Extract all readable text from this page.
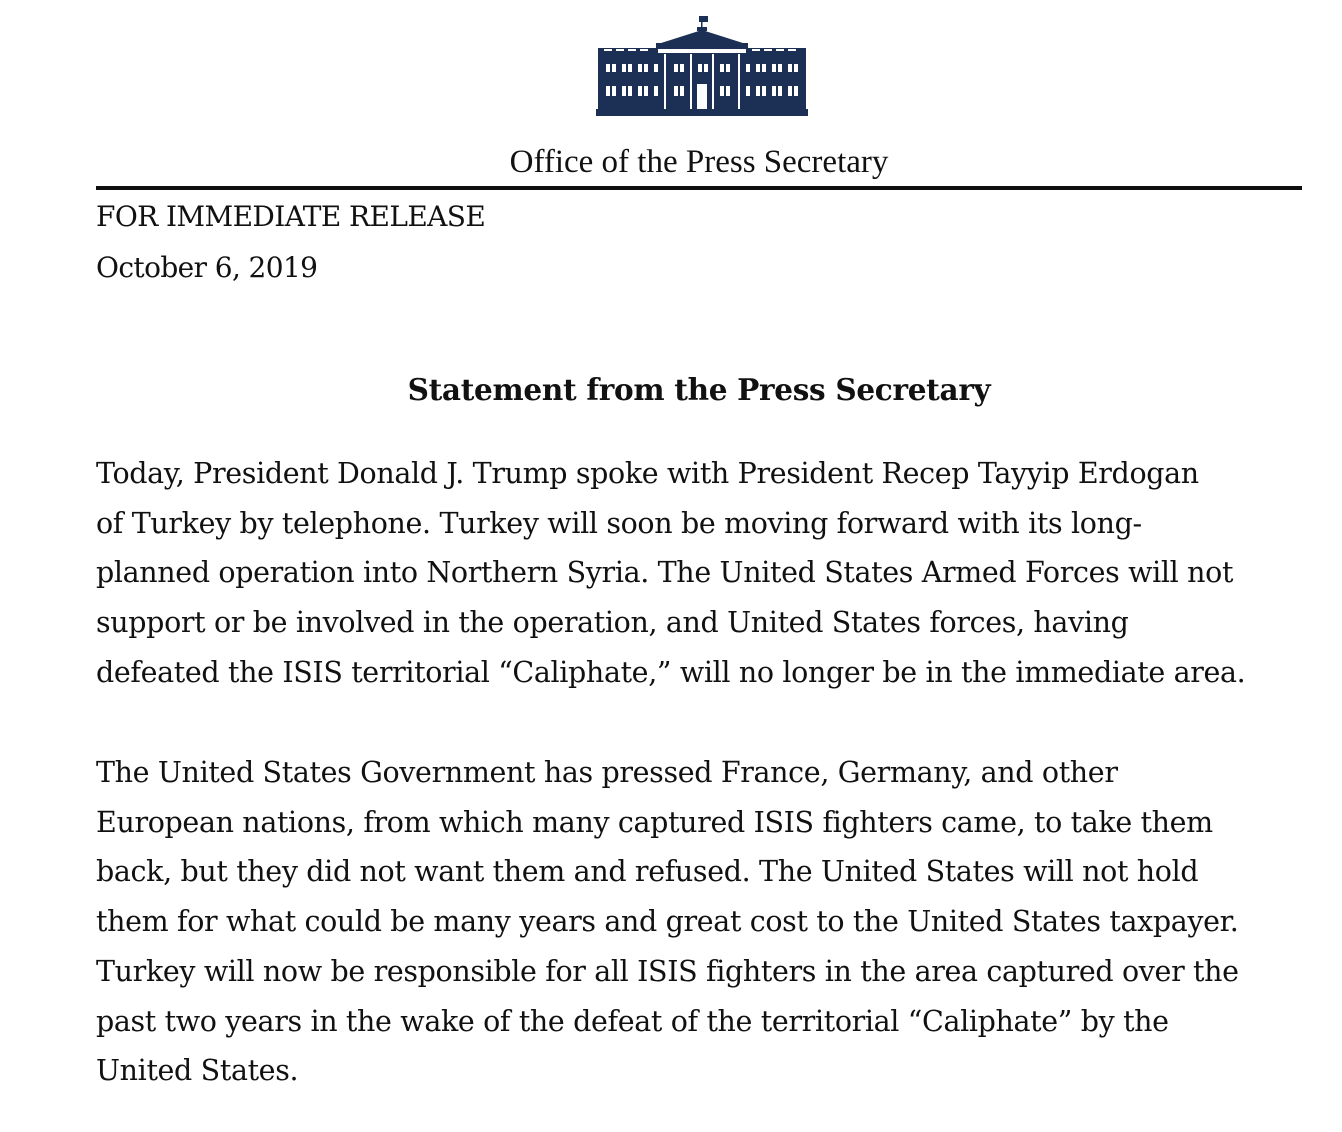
Office of the Press Secretary
FOR IMMEDIATE RELEASE
October 6, 2019
Statement from the Press Secretary

Today, President Donald J. Trump spoke with President Recep Tayyip Erdogan
of Turkey by telephone. Turkey will soon be moving forward with its long-
planned operation into Northern Syria. The United States Armed Forces will not
support or be involved in the operation, and United States forces, having
defeated the ISIS territorial “Caliphate,” will no longer be in the immediate area.

The United States Government has pressed France, Germany, and other
European nations, from which many captured ISIS fighters came, to take them
back, but they did not want them and refused. The United States will not hold
them for what could be many years and great cost to the United States taxpayer.
Turkey will now be responsible for all ISIS fighters in the area captured over the
past two years in the wake of the defeat of the territorial “Caliphate” by the
United States.
